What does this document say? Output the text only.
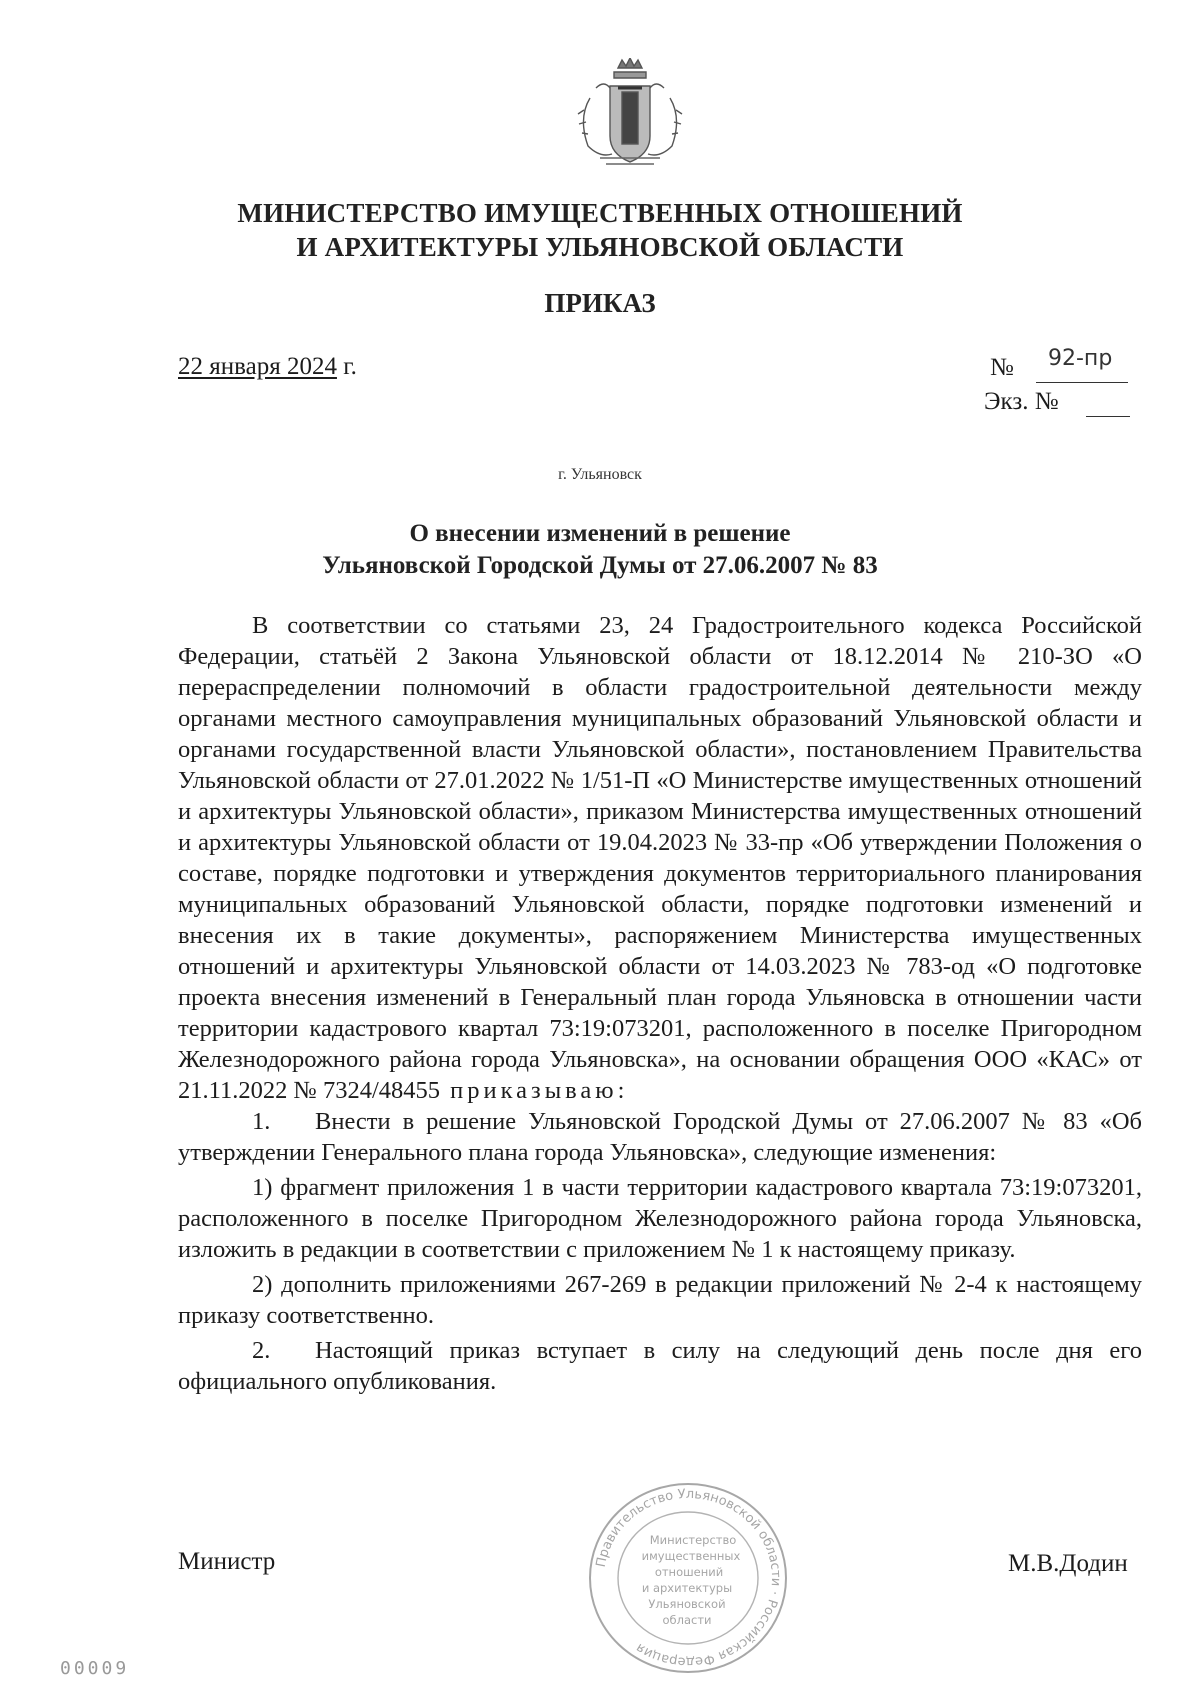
МИНИСТЕРСТВО ИМУЩЕСТВЕННЫХ ОТНОШЕНИЙ
И АРХИТЕКТУРЫ УЛЬЯНОВСКОЙ ОБЛАСТИ
ПРИКАЗ
22 января 2024 г.	№ 92-пр
Экз. №
г. Ульяновск
О внесении изменений в решение
Ульяновской Городской Думы от 27.06.2007 № 83

В соответствии со статьями 23, 24 Градостроительного кодекса Российской Федерации, статьёй 2 Закона Ульяновской области от 18.12.2014 № 210-ЗО «О перераспределении полномочий в области градостроительной деятельности между органами местного самоуправления муниципальных образований Ульяновской области и органами государственной власти Ульяновской области», постановлением Правительства Ульяновской области от 27.01.2022 № 1/51-П «О Министерстве имущественных отношений и архитектуры Ульяновской области», приказом Министерства имущественных отношений и архитектуры Ульяновской области от 19.04.2023 № 33-пр «Об утверждении Положения о составе, порядке подготовки и утверждения документов территориального планирования муниципальных образований Ульяновской области, порядке подготовки изменений и внесения их в такие документы», распоряжением Министерства имущественных отношений и архитектуры Ульяновской области от 14.03.2023 № 783-од «О подготовке проекта внесения изменений в Генеральный план города Ульяновска в отношении части территории кадастрового квартал 73:19:073201, расположенного в поселке Пригородном Железнодорожного района города Ульяновска», на основании обращения ООО «КАС» от 21.11.2022 № 7324/48455 приказываю:

1.	Внести в решение Ульяновской Городской Думы от 27.06.2007 № 83 «Об утверждении Генерального плана города Ульяновска», следующие изменения:

1) фрагмент приложения 1 в части территории кадастрового квартала 73:19:073201, расположенного в поселке Пригородном Железнодорожного района города Ульяновска, изложить в редакции в соответствии с приложением № 1 к настоящему приказу.

2) дополнить приложениями 267-269 в редакции приложений № 2-4 к настоящему приказу соответственно.

2.	Настоящий приказ вступает в силу на следующий день после дня его официального опубликования.

Правительство Ульяновской области · Российская Федерация
Министерство
имущественных
отношений
и архитектуры
Ульяновской
области
Министр	М.В.Додин
00009
